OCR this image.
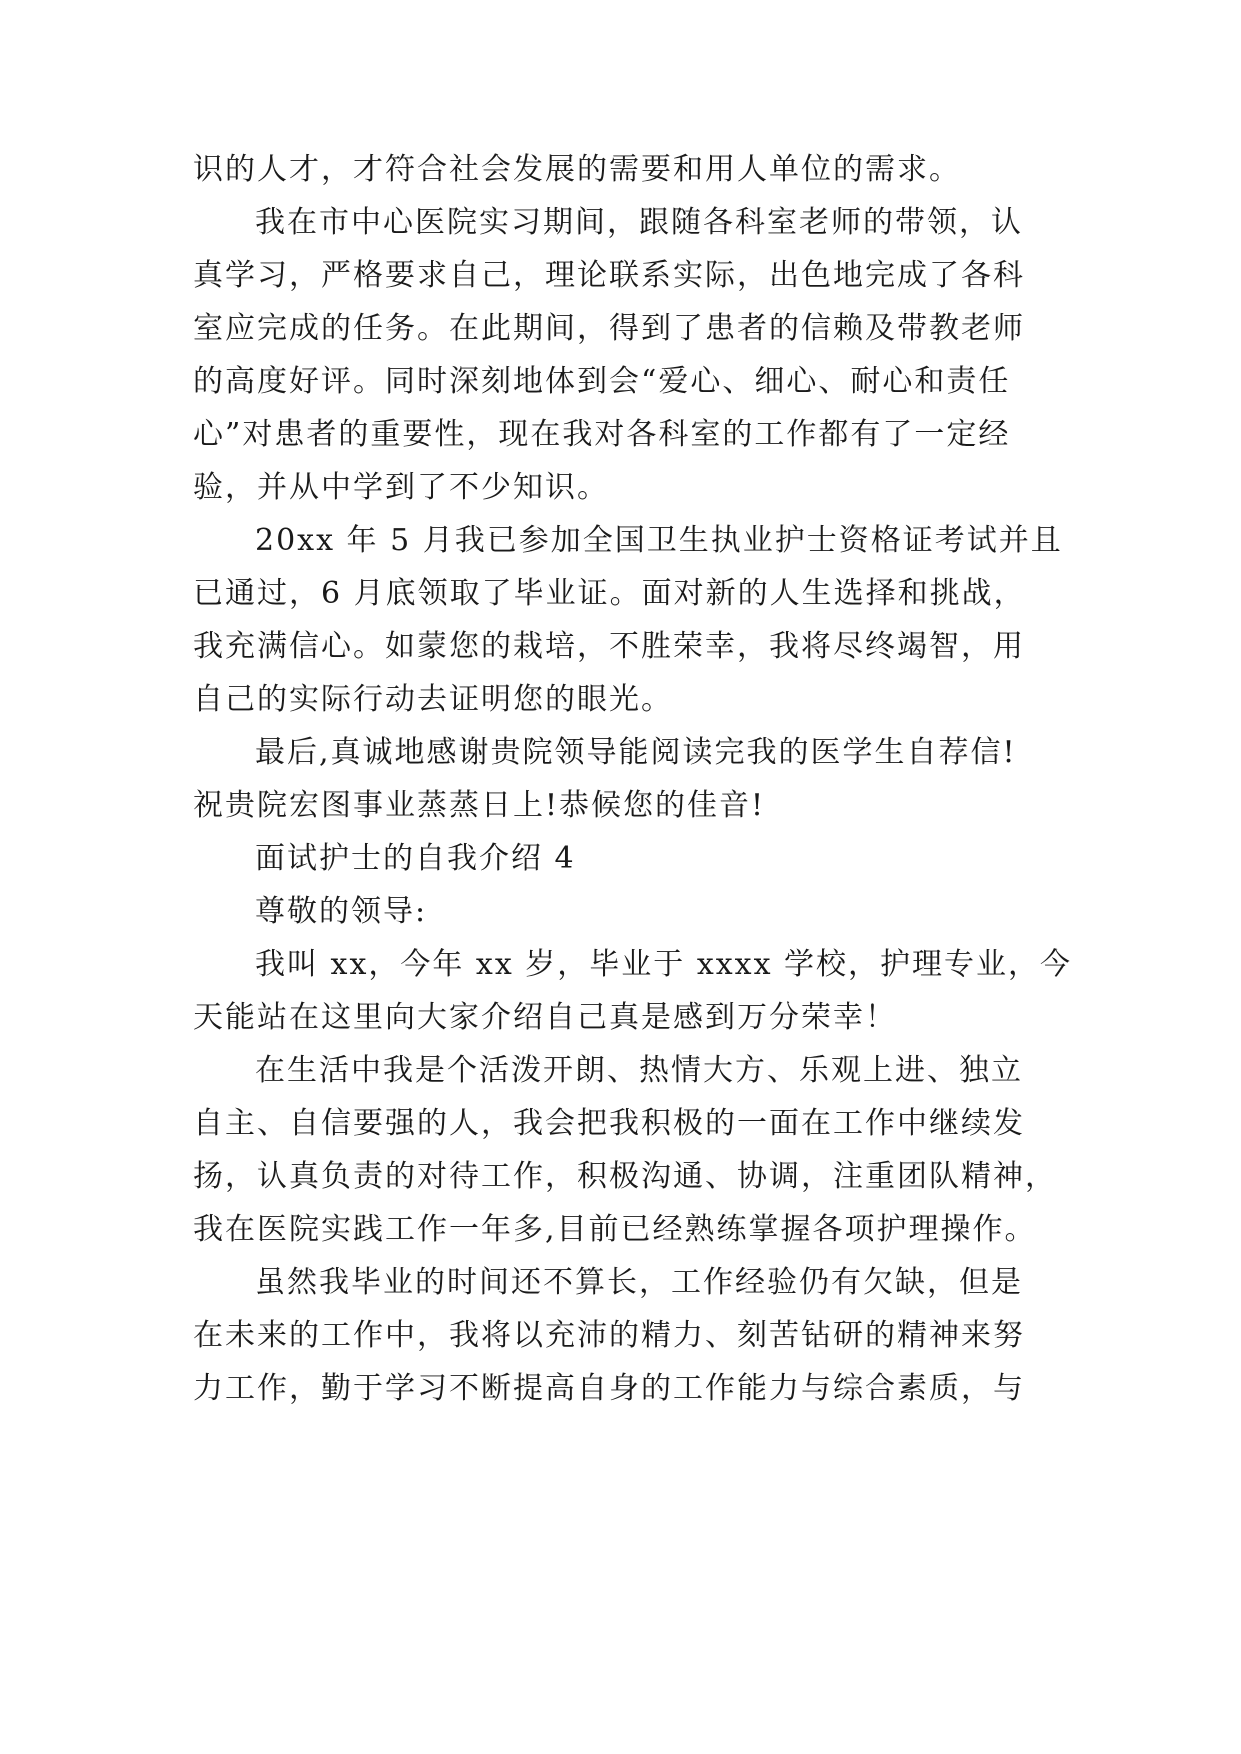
识的人才，才符合社会发展的需要和用人单位的需求。
我在市中心医院实习期间，跟随各科室老师的带领，认
真学习，严格要求自己，理论联系实际，出色地完成了各科
室应完成的任务。在此期间，得到了患者的信赖及带教老师
的高度好评。同时深刻地体到会“爱心、细心、耐心和责任
心”对患者的重要性，现在我对各科室的工作都有了一定经
验，并从中学到了不少知识。
20xx 年 5 月我已参加全国卫生执业护士资格证考试并且
已通过，6 月底领取了毕业证。面对新的人生选择和挑战，
我充满信心。如蒙您的栽培，不胜荣幸，我将尽终竭智，用
自己的实际行动去证明您的眼光。
最后,真诚地感谢贵院领导能阅读完我的医学生自荐信!
祝贵院宏图事业蒸蒸日上!恭候您的佳音!
面试护士的自我介绍 4
尊敬的领导:
我叫 xx，今年 xx 岁，毕业于 xxxx 学校，护理专业，今
天能站在这里向大家介绍自己真是感到万分荣幸！
在生活中我是个活泼开朗、热情大方、乐观上进、独立
自主、自信要强的人，我会把我积极的一面在工作中继续发
扬，认真负责的对待工作，积极沟通、协调，注重团队精神，
我在医院实践工作一年多,目前已经熟练掌握各项护理操作。
虽然我毕业的时间还不算长，工作经验仍有欠缺，但是
在未来的工作中，我将以充沛的精力、刻苦钻研的精神来努
力工作，勤于学习不断提高自身的工作能力与综合素质，与
